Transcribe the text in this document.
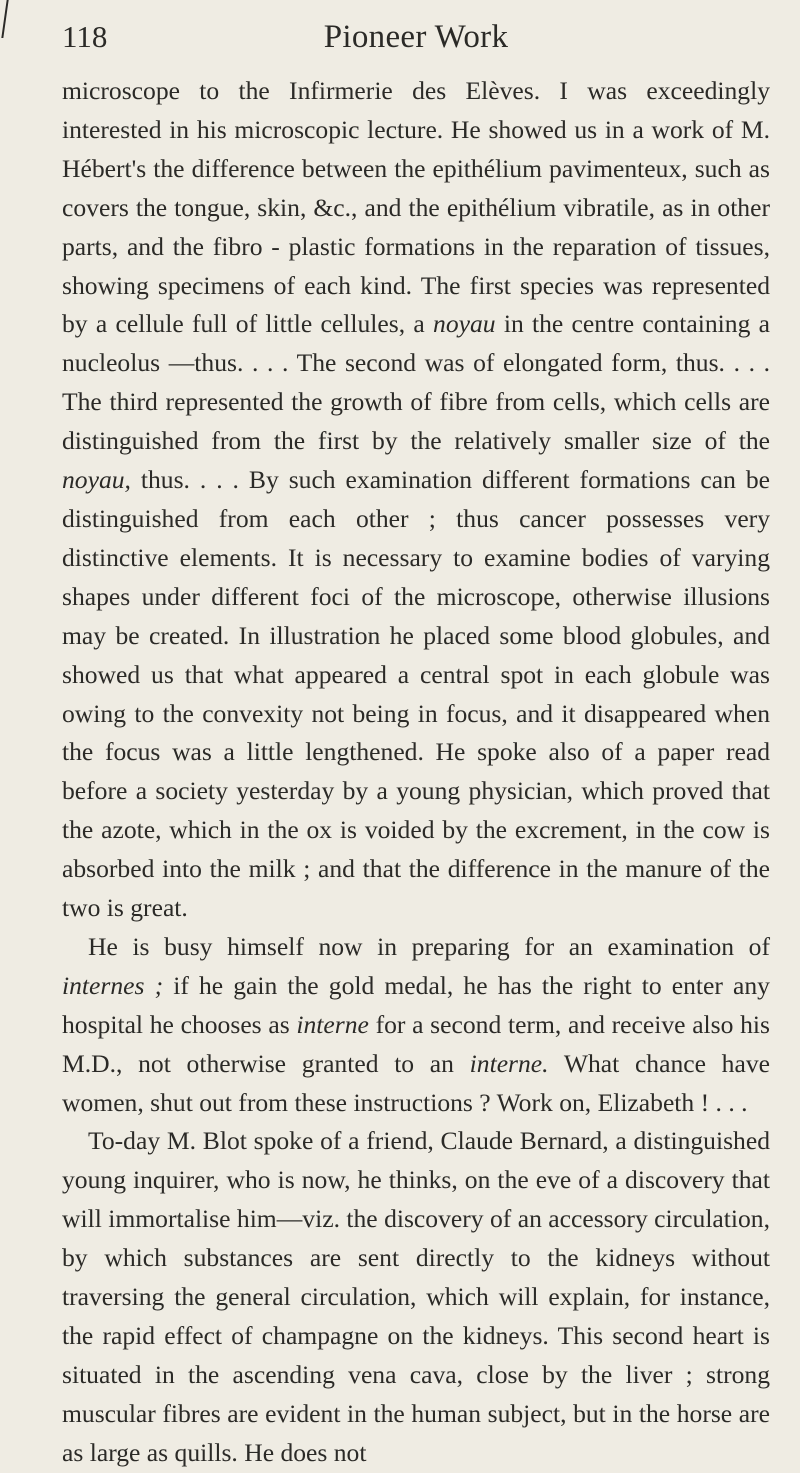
118	Pioneer Work

microscope to the Infirmerie des Elèves. I was exceedingly interested in his microscopic lecture. He showed us in a work of M. Hébert's the difference between the epithélium pavimenteux, such as covers the tongue, skin, &c., and the epithélium vibratile, as in other parts, and the fibro - plastic formations in the reparation of tissues, showing specimens of each kind. The first species was represented by a cellule full of little cellules, a noyau in the centre containing a nucleolus —thus. . . . The second was of elongated form, thus. . . . The third represented the growth of fibre from cells, which cells are distinguished from the first by the relatively smaller size of the noyau, thus. . . . By such examination different formations can be distinguished from each other ; thus cancer possesses very distinctive elements. It is necessary to examine bodies of varying shapes under different foci of the microscope, otherwise illusions may be created. In illustration he placed some blood globules, and showed us that what appeared a central spot in each globule was owing to the convexity not being in focus, and it disappeared when the focus was a little lengthened. He spoke also of a paper read before a society yesterday by a young physician, which proved that the azote, which in the ox is voided by the excrement, in the cow is absorbed into the milk ; and that the difference in the manure of the two is great.

He is busy himself now in preparing for an examination of internes ; if he gain the gold medal, he has the right to enter any hospital he chooses as interne for a second term, and receive also his M.D., not otherwise granted to an interne. What chance have women, shut out from these instructions ? Work on, Elizabeth ! . . .

To-day M. Blot spoke of a friend, Claude Bernard, a distinguished young inquirer, who is now, he thinks, on the eve of a discovery that will immortalise him—viz. the discovery of an accessory circulation, by which substances are sent directly to the kidneys without traversing the general circulation, which will explain, for instance, the rapid effect of champagne on the kidneys. This second heart is situated in the ascending vena cava, close by the liver ; strong muscular fibres are evident in the human subject, but in the horse are as large as quills. He does not
